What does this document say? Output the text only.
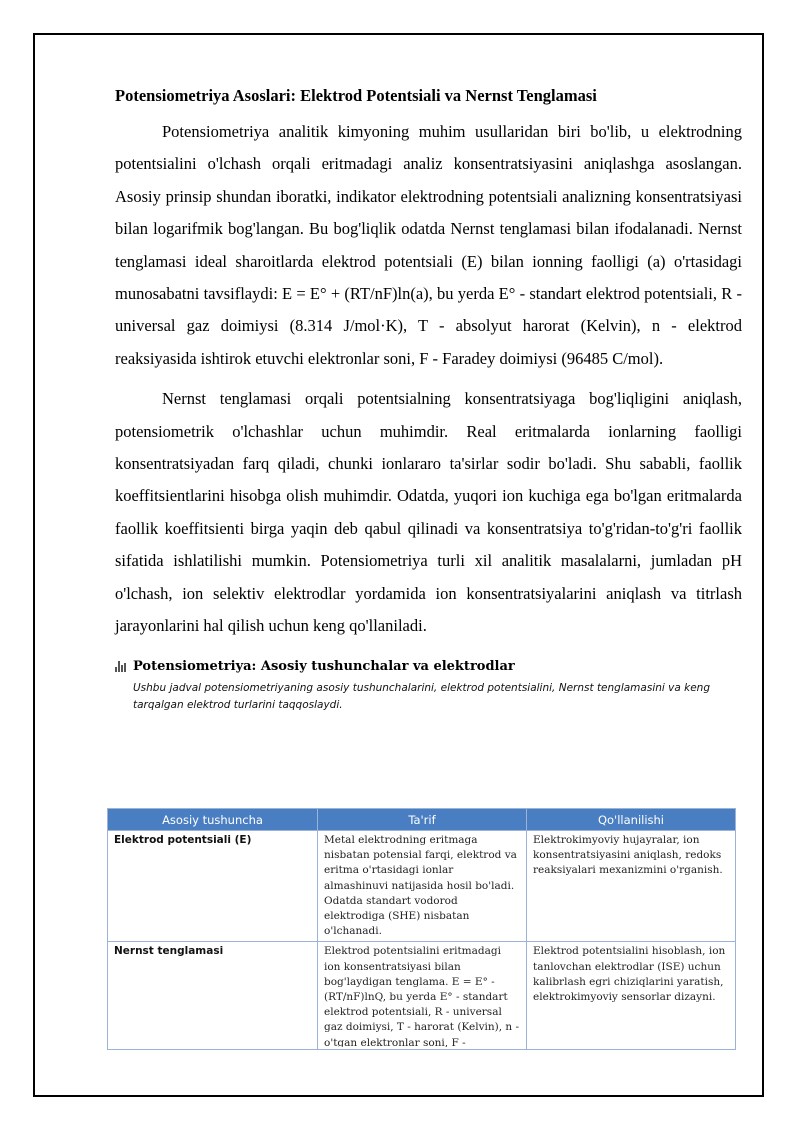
Potensiometriya Asoslari: Elektrod Potentsiali va Nernst Tenglamasi

Potensiometriya analitik kimyoning muhim usullaridan biri bo'lib, u elektrodning potentsialini o'lchash orqali eritmadagi analiz konsentratsiyasini aniqlashga asoslangan. Asosiy prinsip shundan iboratki, indikator elektrodning potentsiali analizning konsentratsiyasi bilan logarifmik bog'langan. Bu bog'liqlik odatda Nernst tenglamasi bilan ifodalanadi. Nernst tenglamasi ideal sharoitlarda elektrod potentsiali (E) bilan ionning faolligi (a) o'rtasidagi munosabatni tavsiflaydi: E = E° + (RT/nF)ln(a), bu yerda E° - standart elektrod potentsiali, R - universal gaz doimiysi (8.314 J/mol·K), T - absolyut harorat (Kelvin), n - elektrod reaksiyasida ishtirok etuvchi elektronlar soni, F - Faradey doimiysi (96485 C/mol).

Nernst tenglamasi orqali potentsialning konsentratsiyaga bog'liqligini aniqlash, potensiometrik o'lchashlar uchun muhimdir. Real eritmalarda ionlarning faolligi konsentratsiyadan farq qiladi, chunki ionlararo ta'sirlar sodir bo'ladi. Shu sababli, faollik koeffitsientlarini hisobga olish muhimdir. Odatda, yuqori ion kuchiga ega bo'lgan eritmalarda faollik koeffitsienti birga yaqin deb qabul qilinadi va konsentratsiya to'g'ridan-to'g'ri faollik sifatida ishlatilishi mumkin. Potensiometriya turli xil analitik masalalarni, jumladan pH o'lchash, ion selektiv elektrodlar yordamida ion konsentratsiyalarini aniqlash va titrlash jarayonlarini hal qilish uchun keng qo'llaniladi.

Potensiometriya: Asosiy tushunchalar va elektrodlar
Ushbu jadval potensiometriyaning asosiy tushunchalarini, elektrod potentsialini, Nernst tenglamasini va keng tarqalgan elektrod turlarini taqqoslaydi.
Asosiy tushuncha	Ta'rif	Qo'llanilishi
Elektrod potentsiali (E)	Metal elektrodning eritmaga nisbatan potensial farqi, elektrod va eritma o'rtasidagi ionlar almashinuvi natijasida hosil bo'ladi. Odatda standart vodorod elektrodiga (SHE) nisbatan o'lchanadi.	Elektrokimyoviy hujayralar, ion konsentratsiyasini aniqlash, redoks reaksiyalari mexanizmini o'rganish.
Nernst tenglamasi	Elektrod potentsialini eritmadagi ion konsentratsiyasi bilan bog'laydigan tenglama. E = E° - (RT/nF)lnQ, bu yerda E° - standart elektrod potentsiali, R - universal gaz doimiysi, T - harorat (Kelvin), n - o'tgan elektronlar soni, F -	Elektrod potentsialini hisoblash, ion tanlovchan elektrodlar (ISE) uchun kalibrlash egri chiziqlarini yaratish, elektrokimyoviy sensorlar dizayni.
